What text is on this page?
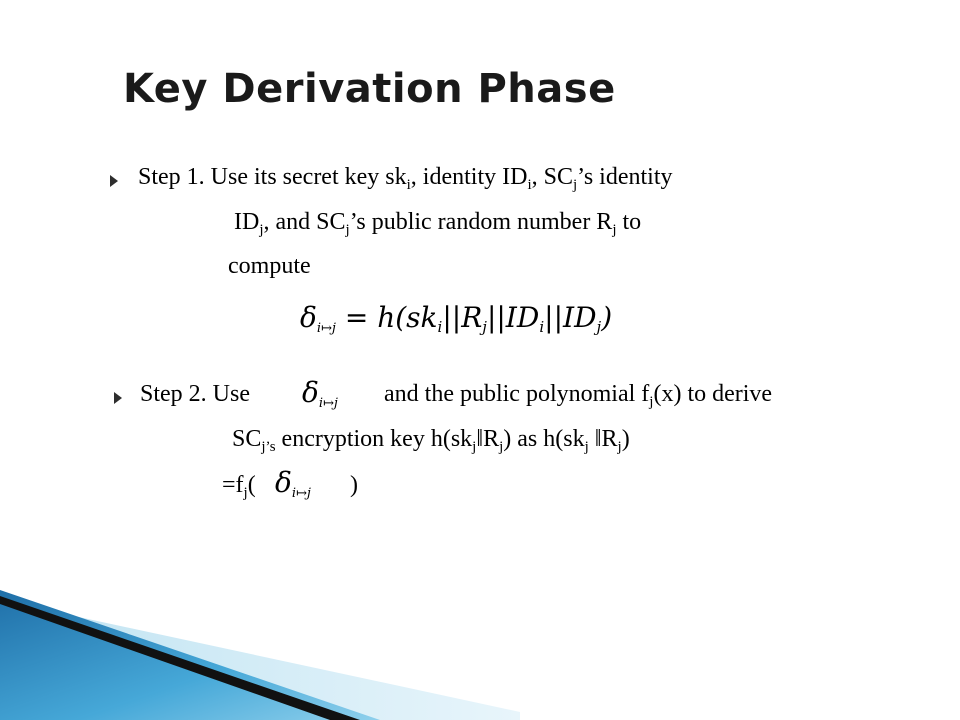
Key Derivation Phase
Step 1. Use its secret key $sk_i$, identity $ID_i$, $SC_j’s$ identity
$ID_j$, and $SC_j’s$ public random number $R_j$ to
compute
$\delta_{i↦j} = h(sk_i||R_j||ID_i||ID_j)$
Step 2. Use $\delta_{i↦j}$ and the public polynomial $f_j(x)$ to derive
$SC_{j’s}$ encryption key $h(sk_j‖R_j)$ as $h(sk_j$ $‖R_j$)
$=f_j$( $\delta_{i↦j}$ )
